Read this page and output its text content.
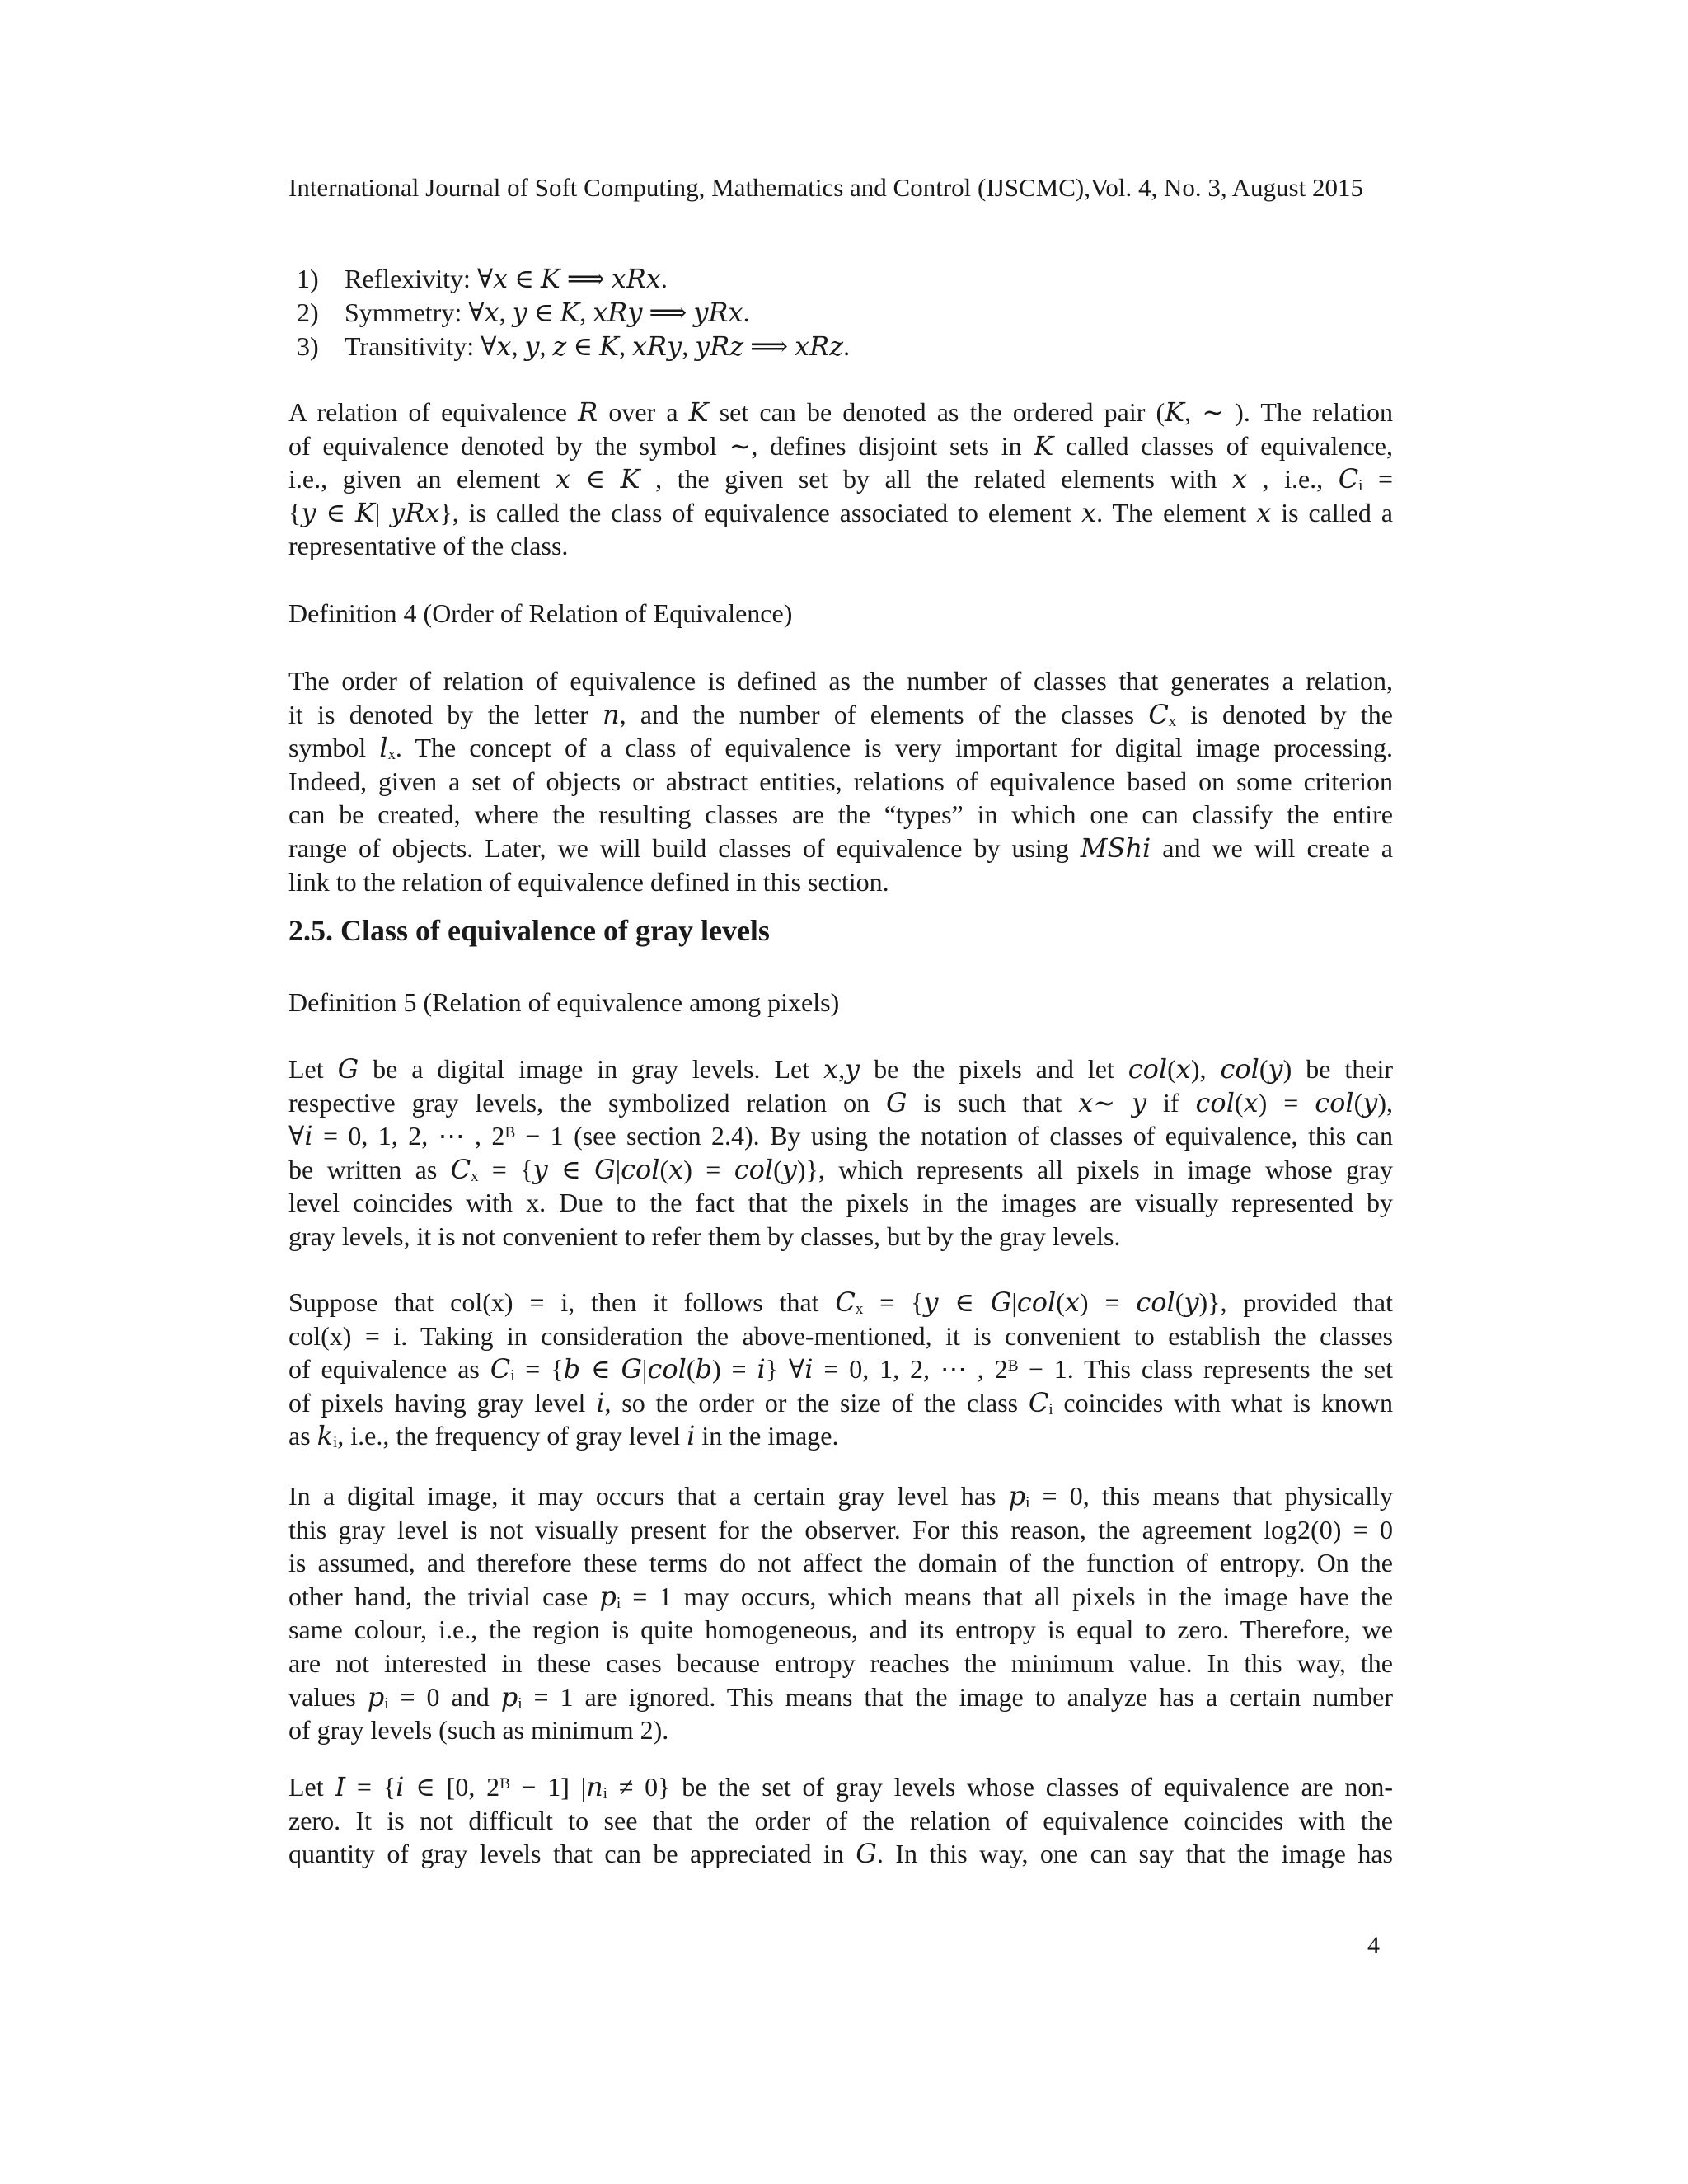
International Journal of Soft Computing, Mathematics and Control (IJSCMC),Vol. 4, No. 3, August 2015
1) Reflexivity: ∀𝑥 ∈ 𝐾 ⟹ 𝑥𝑅𝑥.
2) Symmetry: ∀𝑥, 𝑦 ∈ 𝐾, 𝑥𝑅𝑦 ⟹ 𝑦𝑅𝑥.
3) Transitivity: ∀𝑥, 𝑦, 𝑧 ∈ 𝐾, 𝑥𝑅𝑦, 𝑦𝑅𝑧 ⟹ 𝑥𝑅𝑧.
A relation of equivalence 𝑅 over a 𝐾 set can be denoted as the ordered pair (𝐾, ∼ ). The relation
of equivalence denoted by the symbol ∼, defines disjoint sets in 𝐾 called classes of equivalence,
i.e., given an element 𝑥 ∈ 𝐾 , the given set by all the related elements with 𝑥 , i.e., 𝐶ᵢ =
{𝑦 ∈ 𝐾| 𝑦𝑅𝑥}, is called the class of equivalence associated to element 𝑥. The element 𝑥 is called a
representative of the class.
Definition 4 (Order of Relation of Equivalence)
The order of relation of equivalence is defined as the number of classes that generates a relation,
it is denoted by the letter 𝑛, and the number of elements of the classes 𝐶ₓ is denoted by the
symbol 𝑙ₓ. The concept of a class of equivalence is very important for digital image processing.
Indeed, given a set of objects or abstract entities, relations of equivalence based on some criterion
can be created, where the resulting classes are the “types” in which one can classify the entire
range of objects. Later, we will build classes of equivalence by using 𝑀𝑆ℎ𝑖 and we will create a
link to the relation of equivalence defined in this section.
2.5. Class of equivalence of gray levels
Definition 5 (Relation of equivalence among pixels)
Let 𝐺 be a digital image in gray levels. Let 𝑥,𝑦 be the pixels and let 𝑐𝑜𝑙(𝑥), 𝑐𝑜𝑙(𝑦) be their
respective gray levels, the symbolized relation on 𝐺 is such that 𝑥∼ 𝑦 if 𝑐𝑜𝑙(𝑥) = 𝑐𝑜𝑙(𝑦),
∀𝑖 = 0, 1, 2, ⋯ , 2ᴮ − 1 (see section 2.4). By using the notation of classes of equivalence, this can
be written as 𝐶ₓ = {𝑦 ∈ 𝐺|𝑐𝑜𝑙(𝑥) = 𝑐𝑜𝑙(𝑦)}, which represents all pixels in image whose gray
level coincides with x. Due to the fact that the pixels in the images are visually represented by
gray levels, it is not convenient to refer them by classes, but by the gray levels.
Suppose that col(x) = i, then it follows that 𝐶ₓ = {𝑦 ∈ 𝐺|𝑐𝑜𝑙(𝑥) = 𝑐𝑜𝑙(𝑦)}, provided that
col(x) = i. Taking in consideration the above-mentioned, it is convenient to establish the classes
of equivalence as 𝐶ᵢ = {𝑏 ∈ 𝐺|𝑐𝑜𝑙(𝑏) = 𝑖} ∀𝑖 = 0, 1, 2, ⋯ , 2ᴮ − 1. This class represents the set
of pixels having gray level 𝑖, so the order or the size of the class 𝐶ᵢ coincides with what is known
as 𝑘ᵢ, i.e., the frequency of gray level 𝑖 in the image.
In a digital image, it may occurs that a certain gray level has 𝑝ᵢ = 0, this means that physically
this gray level is not visually present for the observer. For this reason, the agreement log2(0) = 0
is assumed, and therefore these terms do not affect the domain of the function of entropy. On the
other hand, the trivial case 𝑝ᵢ = 1 may occurs, which means that all pixels in the image have the
same colour, i.e., the region is quite homogeneous, and its entropy is equal to zero. Therefore, we
are not interested in these cases because entropy reaches the minimum value. In this way, the
values 𝑝ᵢ = 0 and 𝑝ᵢ = 1 are ignored. This means that the image to analyze has a certain number
of gray levels (such as minimum 2).
Let 𝐼 = {𝑖 ∈ [0, 2ᴮ − 1] |𝑛ᵢ ≠ 0} be the set of gray levels whose classes of equivalence are non-
zero. It is not difficult to see that the order of the relation of equivalence coincides with the
quantity of gray levels that can be appreciated in 𝐺. In this way, one can say that the image has
4
